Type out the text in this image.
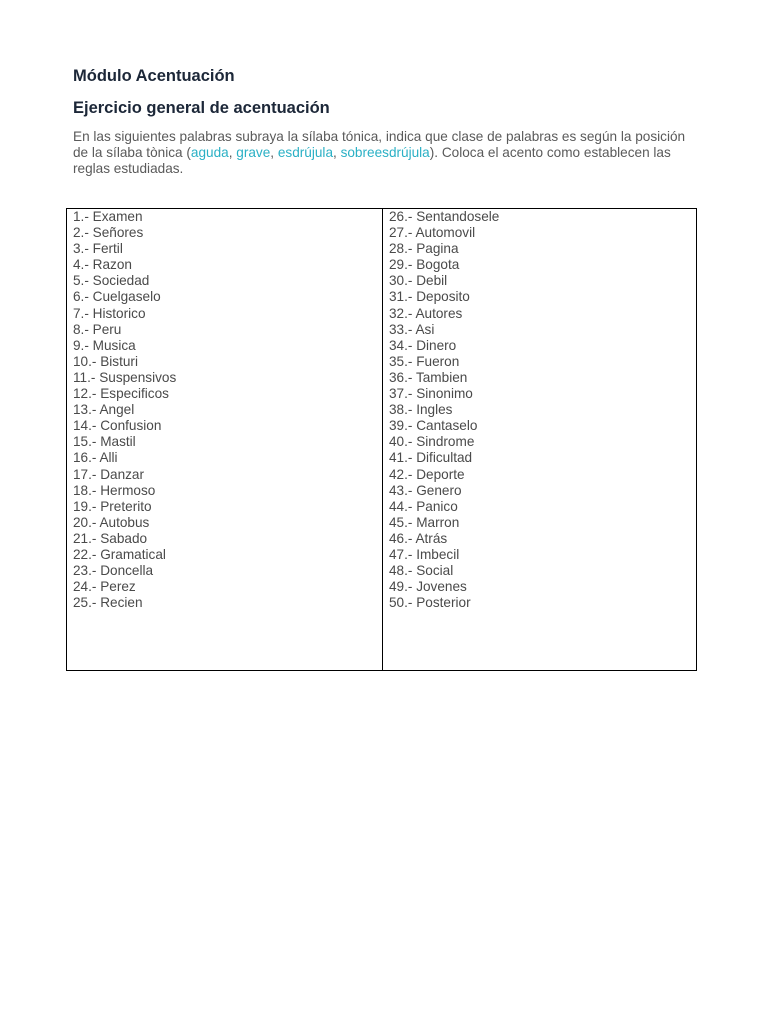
Módulo Acentuación
Ejercicio general de acentuación

En las siguientes palabras subraya la sílaba tónica, indica que clase de palabras es según la posición de la sílaba tònica (aguda, grave, esdrújula, sobreesdrújula). Coloca el acento como establecen las reglas estudiadas.

1.- Examen
2.- Señores
3.- Fertil
4.- Razon
5.- Sociedad
6.- Cuelgaselo
7.- Historico
8.- Peru
9.- Musica
10.- Bisturi
11.- Suspensivos
12.- Especificos
13.- Angel
14.- Confusion
15.- Mastil
16.- Alli
17.- Danzar
18.- Hermoso
19.- Preterito
20.- Autobus
21.- Sabado
22.- Gramatical
23.- Doncella
24.- Perez
25.- Recien
26.- Sentandosele
27.- Automovil
28.- Pagina
29.- Bogota
30.- Debil
31.- Deposito
32.- Autores
33.- Asi
34.- Dinero
35.- Fueron
36.- Tambien
37.- Sinonimo
38.- Ingles
39.- Cantaselo
40.- Sindrome
41.- Dificultad
42.- Deporte
43.- Genero
44.- Panico
45.- Marron
46.- Atrás
47.- Imbecil
48.- Social
49.- Jovenes
50.- Posterior
